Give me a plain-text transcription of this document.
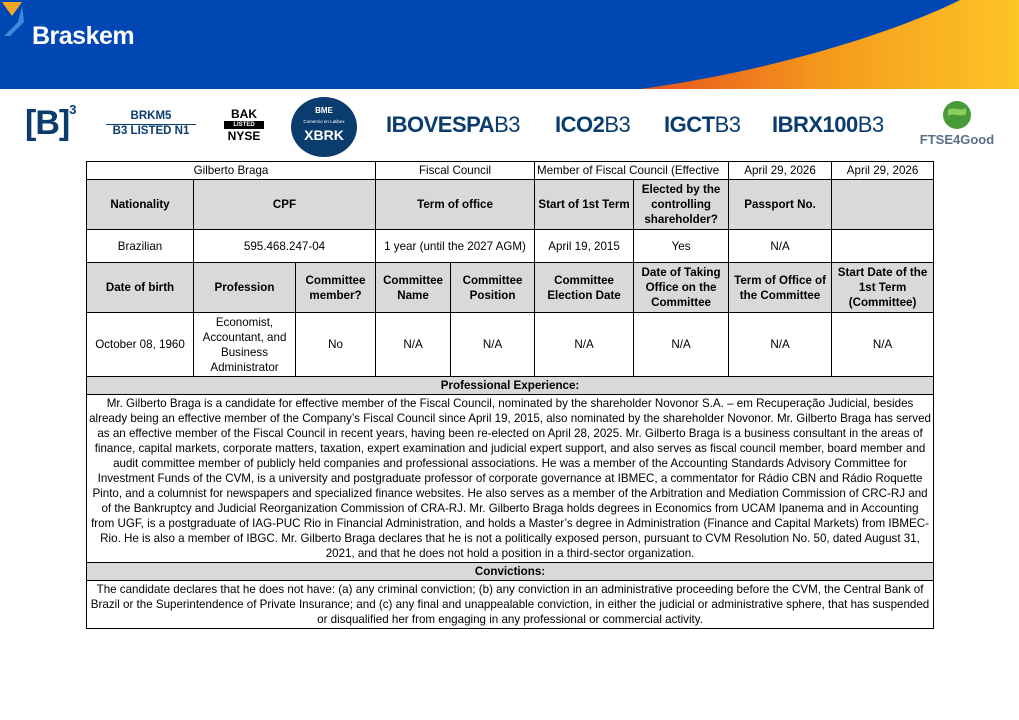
Braskem
$[B]^3$	BRKM5
B3 LISTED N1
BAK
LISTED
NYSE
BME
Comercio en Latibex
XBRK IBOVESPAB3 ICO2B3 IGCTB3 IBRX100B3
FTSE4Good
Gilberto Braga			Fiscal Council		Member of Fiscal Council (Effective		April 29, 2026	April 29, 2026
Nationality	CPF		Term of office		Start of 1st Term	Elected by the controlling shareholder?	Passport No.	
Brazilian	595.468.247-04		1 year (until the 2027 AGM)		April 19, 2015	Yes	N/A	
Date of birth	Profession	Committee member?	Committee Name	Committee Position	Committee Election Date	Date of Taking Office on the Committee	Term of Office of the Committee	Start Date of the 1st Term (Committee)
October 08, 1960	Economist, Accountant, and Business Administrator	No	N/A	N/A	N/A	N/A	N/A	N/A
Professional Experience:								
Mr. Gilberto Braga is a candidate for effective member of the Fiscal Council, nominated by the shareholder Novonor S.A. – em Recuperação Judicial, besides already being an effective member of the Company’s Fiscal Council since April 19, 2015, also nominated by the shareholder Novonor. Mr. Gilberto Braga has served as an effective member of the Fiscal Council in recent years, having been re-elected on April 28, 2025. Mr. Gilberto Braga is a business consultant in the areas of finance, capital markets, corporate matters, taxation, expert examination and judicial expert support, and also serves as fiscal council member, board member and audit committee member of publicly held companies and professional associations. He was a member of the Accounting Standards Advisory Committee for Investment Funds of the CVM, is a university and postgraduate professor of corporate governance at IBMEC, a commentator for Rádio CBN and Rádio Roquette Pinto, and a columnist for newspapers and specialized finance websites. He also serves as a member of the Arbitration and Mediation Commission of CRC-RJ and of the Bankruptcy and Judicial Reorganization Commission of CRA-RJ. Mr. Gilberto Braga holds degrees in Economics from UCAM Ipanema and in Accounting from UGF, is a postgraduate of IAG-PUC Rio in Financial Administration, and holds a Master’s degree in Administration (Finance and Capital Markets) from IBMEC-Rio. He is also a member of IBGC. Mr. Gilberto Braga declares that he is not a politically exposed person, pursuant to CVM Resolution No. 50, dated August 31, 2021, and that he does not hold a position in a third-sector organization.								
Convictions:								
The candidate declares that he does not have: (a) any criminal conviction; (b) any conviction in an administrative proceeding before the CVM, the Central Bank of Brazil or the Superintendence of Private Insurance; and (c) any final and unappealable conviction, in either the judicial or administrative sphere, that has suspended or disqualified her from engaging in any professional or commercial activity.								
